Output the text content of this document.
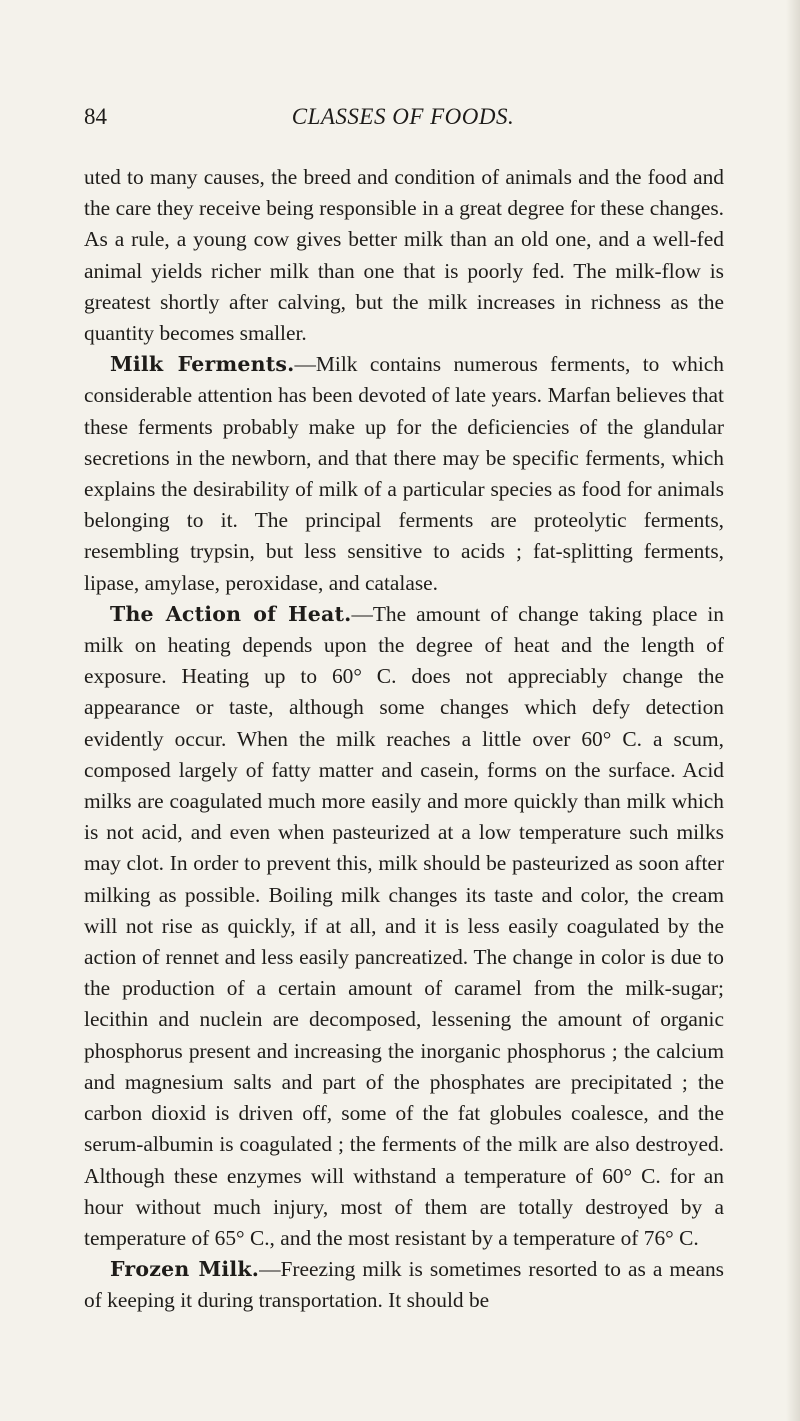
84	CLASSES OF FOODS.

uted to many causes, the breed and condition of animals and the food and the care they receive being responsible in a great degree for these changes. As a rule, a young cow gives better milk than an old one, and a well-fed animal yields richer milk than one that is poorly fed. The milk-flow is greatest shortly after calving, but the milk increases in richness as the quantity becomes smaller.

Milk Ferments.—Milk contains numerous ferments, to which considerable attention has been devoted of late years. Marfan believes that these ferments probably make up for the deficiencies of the glandular secretions in the newborn, and that there may be specific ferments, which explains the desirability of milk of a particular species as food for animals belonging to it. The principal ferments are proteolytic ferments, resembling trypsin, but less sensitive to acids ; fat-splitting ferments, lipase, amylase, peroxidase, and catalase.

The Action of Heat.—The amount of change taking place in milk on heating depends upon the degree of heat and the length of exposure. Heating up to 60° C. does not appreciably change the appearance or taste, although some changes which defy detection evidently occur. When the milk reaches a little over 60° C. a scum, composed largely of fatty matter and casein, forms on the surface. Acid milks are coagulated much more easily and more quickly than milk which is not acid, and even when pasteurized at a low temperature such milks may clot. In order to prevent this, milk should be pasteurized as soon after milking as possible. Boiling milk changes its taste and color, the cream will not rise as quickly, if at all, and it is less easily coagulated by the action of rennet and less easily pancreatized. The change in color is due to the production of a certain amount of caramel from the milk-sugar; lecithin and nuclein are decomposed, lessening the amount of organic phosphorus present and increasing the inorganic phosphorus ; the calcium and magnesium salts and part of the phosphates are precipitated ; the carbon dioxid is driven off, some of the fat globules coalesce, and the serum-albumin is coagulated ; the ferments of the milk are also destroyed. Although these enzymes will withstand a temperature of 60° C. for an hour without much injury, most of them are totally destroyed by a temperature of 65° C., and the most resistant by a temperature of 76° C.

Frozen Milk.—Freezing milk is sometimes resorted to as a means of keeping it during transportation. It should be
